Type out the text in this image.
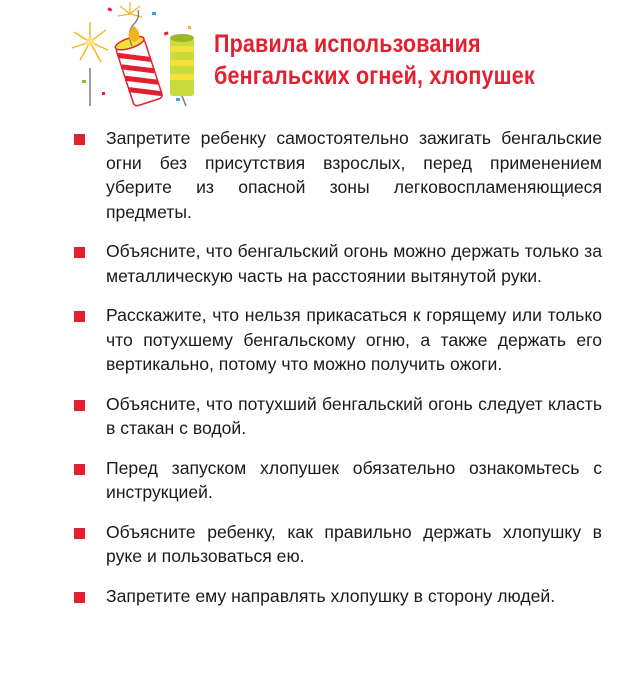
Правила использования
бенгальских огней, хлопушек
Запретите ребенку самостоятельно зажигать бенгальские огни без присутствия взрослых, перед применением уберите из опасной зоны легковоспламеняющиеся предметы.
Объясните, что бенгальский огонь можно держать только за металлическую часть на расстоянии вытянутой руки.
Расскажите, что нельзя прикасаться к горящему или только что потухшему бенгальскому огню, а также держать его вертикально, потому что можно получить ожоги.
Объясните, что потухший бенгальский огонь следует класть в стакан с водой.
Перед запуском хлопушек обязательно ознакомьтесь с инструкцией.
Объясните ребенку, как правильно держать хлопушку в руке и пользоваться ею.
Запретите ему направлять хлопушку в сторону людей.
